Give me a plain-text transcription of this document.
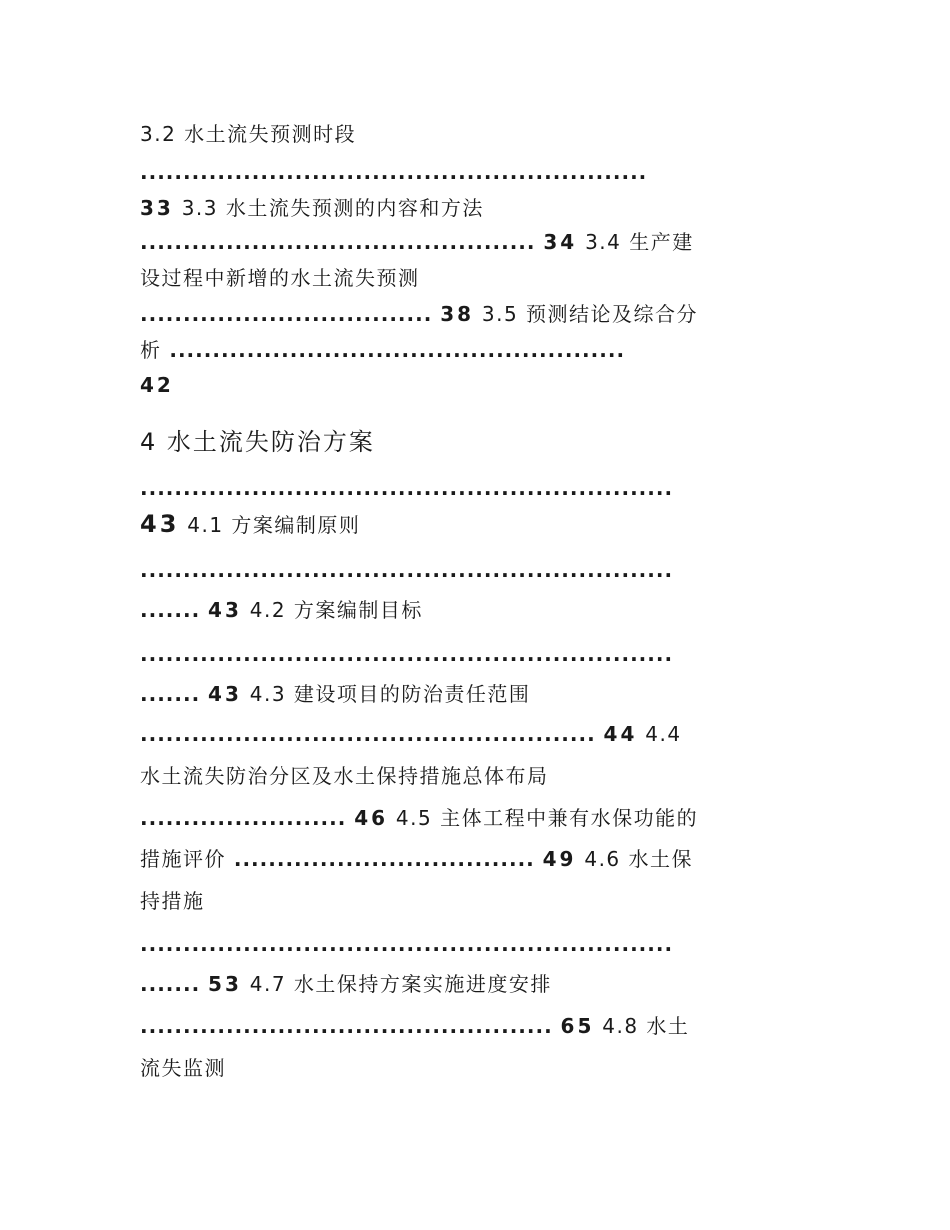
3.2 水土流失预测时段
...........................................................
33 3.3 水土流失预测的内容和方法
.............................................. 34 3.4 生产建
设过程中新增的水土流失预测
.................................. 38 3.5 预测结论及综合分
析 .....................................................
42
4 水土流失防治方案
..............................................................
43 4.1 方案编制原则
..............................................................
....... 43 4.2 方案编制目标
..............................................................
....... 43 4.3 建设项目的防治责任范围
..................................................... 44 4.4
水土流失防治分区及水土保持措施总体布局
........................ 46 4.5 主体工程中兼有水保功能的
措施评价 ................................... 49 4.6 水土保
持措施
..............................................................
....... 53 4.7 水土保持方案实施进度安排
................................................ 65 4.8 水土
流失监测
